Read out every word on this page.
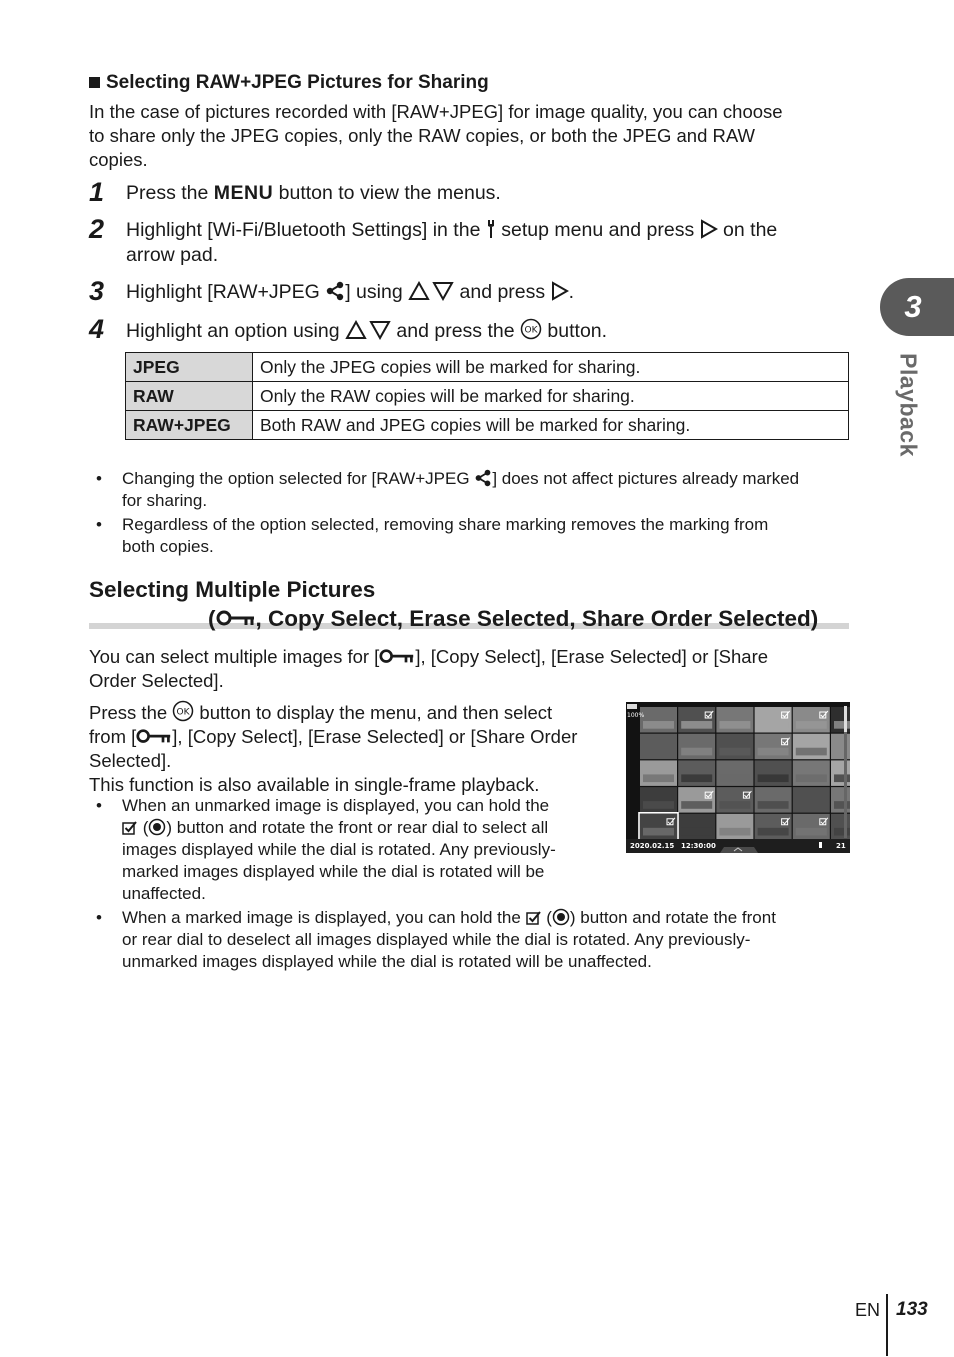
Selecting RAW+JPEG Pictures for Sharing
In the case of pictures recorded with [RAW+JPEG] for image quality, you can choose
to share only the JPEG copies, only the RAW copies, or both the JPEG and RAW
copies.
1 Press the MENU button to view the menus.
2 Highlight [Wi-Fi/Bluetooth Settings] in the  setup menu and press  on the
arrow pad.
3 Highlight [RAW+JPEG ] using  and press .
4 Highlight an option using  and press the OK button.
JPEG	Only the JPEG copies will be marked for sharing.
RAW	Only the RAW copies will be marked for sharing.
RAW+JPEG	Both RAW and JPEG copies will be marked for sharing.
• Changing the option selected for [RAW+JPEG ] does not affect pictures already marked
for sharing.
• Regardless of the option selected, removing share marking removes the marking from
both copies.
Selecting Multiple Pictures
( , Copy Select, Erase Selected, Share Order Selected)
You can select multiple images for [ ], [Copy Select], [Erase Selected] or [Share
Order Selected].
Press the OK button to display the menu, and then select
from [ ], [Copy Select], [Erase Selected] or [Share Order
Selected].
This function is also available in single-frame playback.
• When an unmarked image is displayed, you can hold the
( ) button and rotate the front or rear dial to select all
images displayed while the dial is rotated. Any previously-
marked images displayed while the dial is rotated will be
unaffected.
• When a marked image is displayed, you can hold the  ( ) button and rotate the front
or rear dial to deselect all images displayed while the dial is rotated. Any previously-
unmarked images displayed while the dial is rotated will be unaffected.
100%
2020.02.15 12:30:00	21
3
Playback
EN 133
